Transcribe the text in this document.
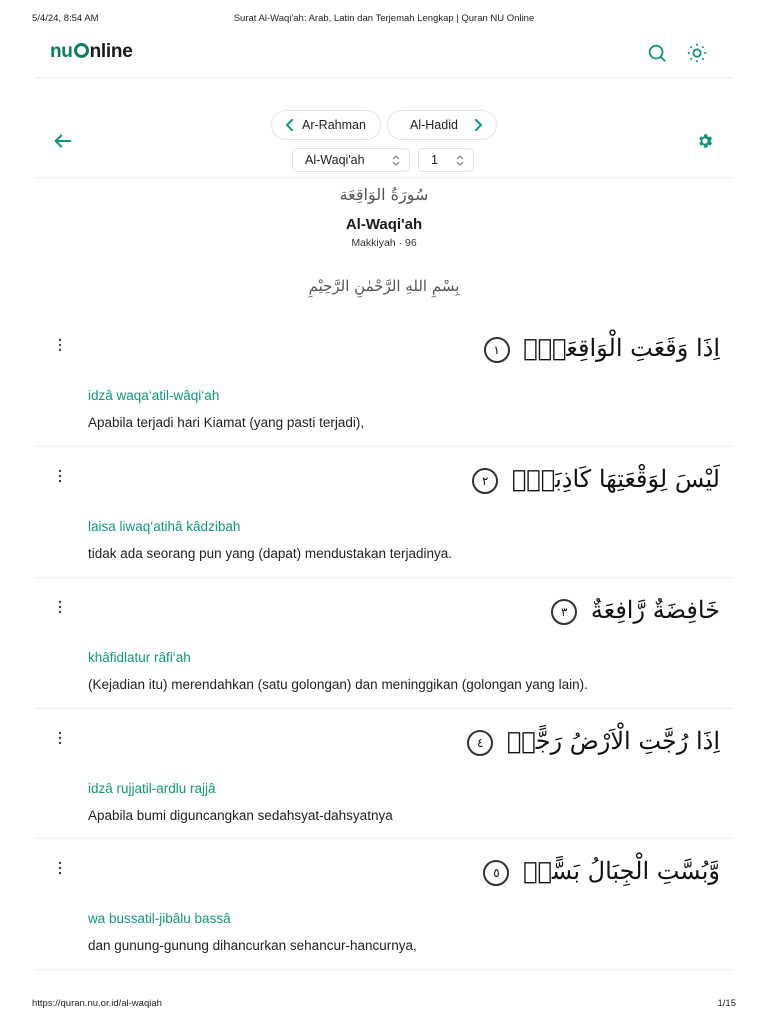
5/4/24, 8:54 AM	Surat Al-Waqi'ah: Arab, Latin dan Terjemah Lengkap | Quran NU Online
nu nline
Ar-Rahman	Al-Hadid
Al-Waqi'ah	1
سُورَةُ الوَاقِعَة
Al-Waqi'ah
Makkiyah · 96
بِسْمِ اللهِ الرَّحْمٰنِ الرَّحِيْمِ
اِذَا وَقَعَتِ الْوَاقِعَةُۙ ١
idzâ waqa‘atil-wâqi‘ah
Apabila terjadi hari Kiamat (yang pasti terjadi),
لَيْسَ لِوَقْعَتِهَا كَاذِبَةٌۘ ٢
laisa liwaq‘atihâ kâdzibah
tidak ada seorang pun yang (dapat) mendustakan terjadinya.
خَافِضَةٌ رَّافِعَةٌ ٣
khâfidlatur râfi‘ah
(Kejadian itu) merendahkan (satu golongan) dan meninggikan (golongan yang lain).
اِذَا رُجَّتِ الْاَرْضُ رَجًّاۙ ٤
idzâ rujjatil-ardlu rajjâ
Apabila bumi diguncangkan sedahsyat-dahsyatnya
وَّبُسَّتِ الْجِبَالُ بَسًّاۙ ٥
wa bussatil-jibâlu bassâ
dan gunung-gunung dihancurkan sehancur-hancurnya,
https://quran.nu.or.id/al-waqiah	1/15
